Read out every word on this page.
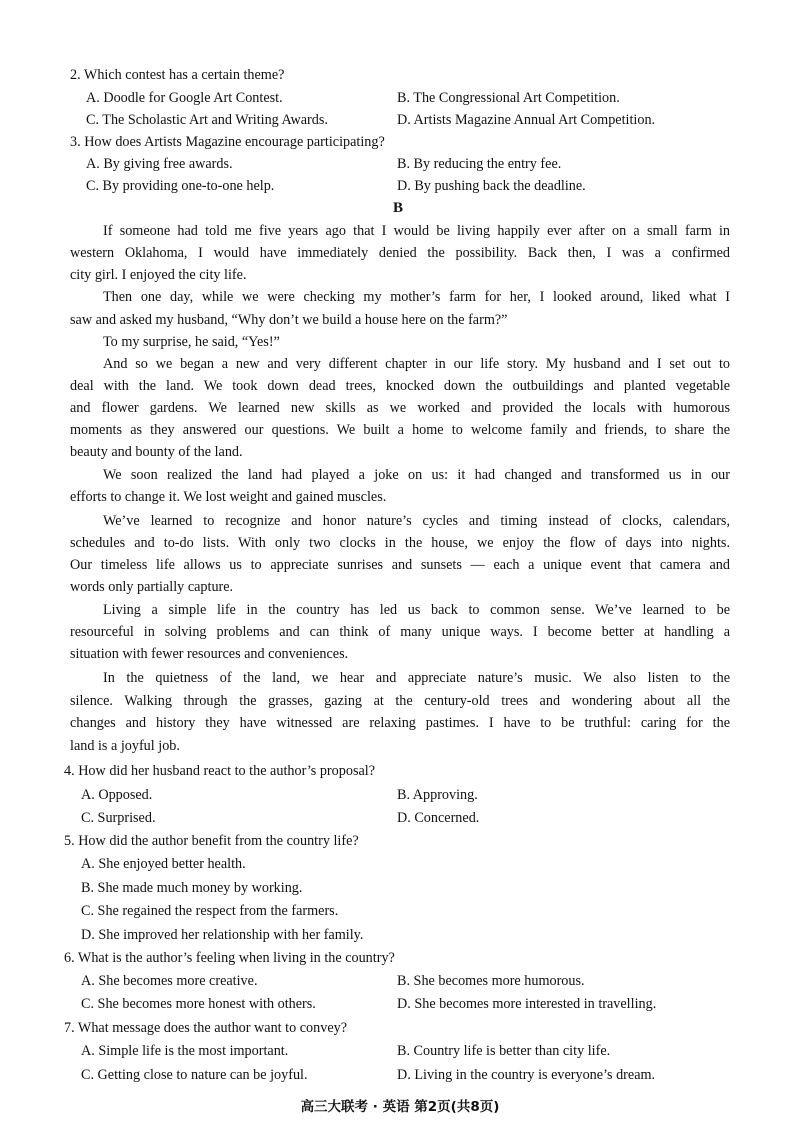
2. Which contest has a certain theme?
A. Doodle for Google Art Contest.	B. The Congressional Art Competition.
C. The Scholastic Art and Writing Awards.	D. Artists Magazine Annual Art Competition.
3. How does Artists Magazine encourage participating?
A. By giving free awards.	B. By reducing the entry fee.
C. By providing one-to-one help.	D. By pushing back the deadline.
B
If someone had told me five years ago that I would be living happily ever after on a small farm in
western Oklahoma, I would have immediately denied the possibility. Back then, I was a confirmed
city girl. I enjoyed the city life.
Then one day, while we were checking my mother’s farm for her, I looked around, liked what I
saw and asked my husband, “Why don’t we build a house here on the farm?”
To my surprise, he said, “Yes!”
And so we began a new and very different chapter in our life story. My husband and I set out to
deal with the land. We took down dead trees, knocked down the outbuildings and planted vegetable
and flower gardens. We learned new skills as we worked and provided the locals with humorous
moments as they answered our questions. We built a home to welcome family and friends, to share the
beauty and bounty of the land.
We soon realized the land had played a joke on us: it had changed and transformed us in our
efforts to change it. We lost weight and gained muscles.
We’ve learned to recognize and honor nature’s cycles and timing instead of clocks, calendars,
schedules and to-do lists. With only two clocks in the house, we enjoy the flow of days into nights.
Our timeless life allows us to appreciate sunrises and sunsets — each a unique event that camera and
words only partially capture.
Living a simple life in the country has led us back to common sense. We’ve learned to be
resourceful in solving problems and can think of many unique ways. I become better at handling a
situation with fewer resources and conveniences.
In the quietness of the land, we hear and appreciate nature’s music. We also listen to the
silence. Walking through the grasses, gazing at the century-old trees and wondering about all the
changes and history they have witnessed are relaxing pastimes. I have to be truthful: caring for the
land is a joyful job.
4. How did her husband react to the author’s proposal?
A. Opposed.	B. Approving.
C. Surprised.	D. Concerned.
5. How did the author benefit from the country life?
A. She enjoyed better health.
B. She made much money by working.
C. She regained the respect from the farmers.
D. She improved her relationship with her family.
6. What is the author’s feeling when living in the country?
A. She becomes more creative.	B. She becomes more humorous.
C. She becomes more honest with others.	D. She becomes more interested in travelling.
7. What message does the author want to convey?
A. Simple life is the most important.	B. Country life is better than city life.
C. Getting close to nature can be joyful.	D. Living in the country is everyone’s dream.
高三大联考 · 英语 第2页(共8页)
